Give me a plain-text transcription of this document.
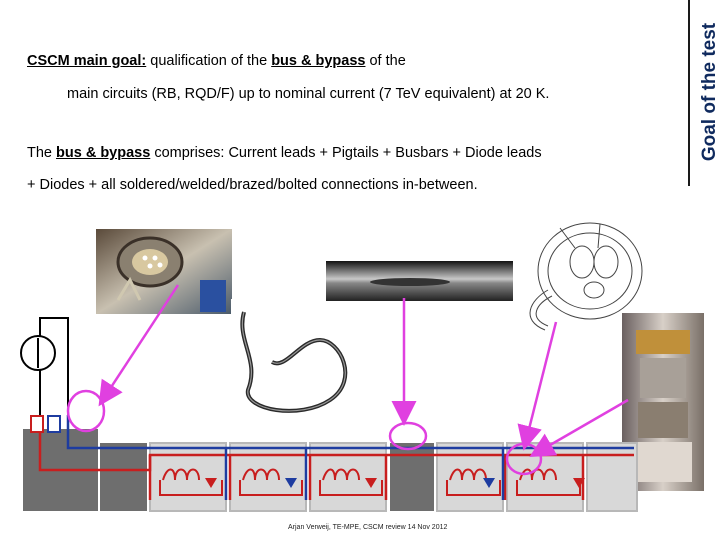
Goal of the test
CSCM main goal: qualification of the bus & bypass of the
main circuits (RB, RQD/F) up to nominal current (7 TeV equivalent) at 20 K.
The bus & bypass comprises: Current leads + Pigtails + Busbars + Diode leads
+ Diodes + all soldered/welded/brazed/bolted connections in-between.
Arjan Verweij, TE-MPE, CSCM review 14 Nov 2012
